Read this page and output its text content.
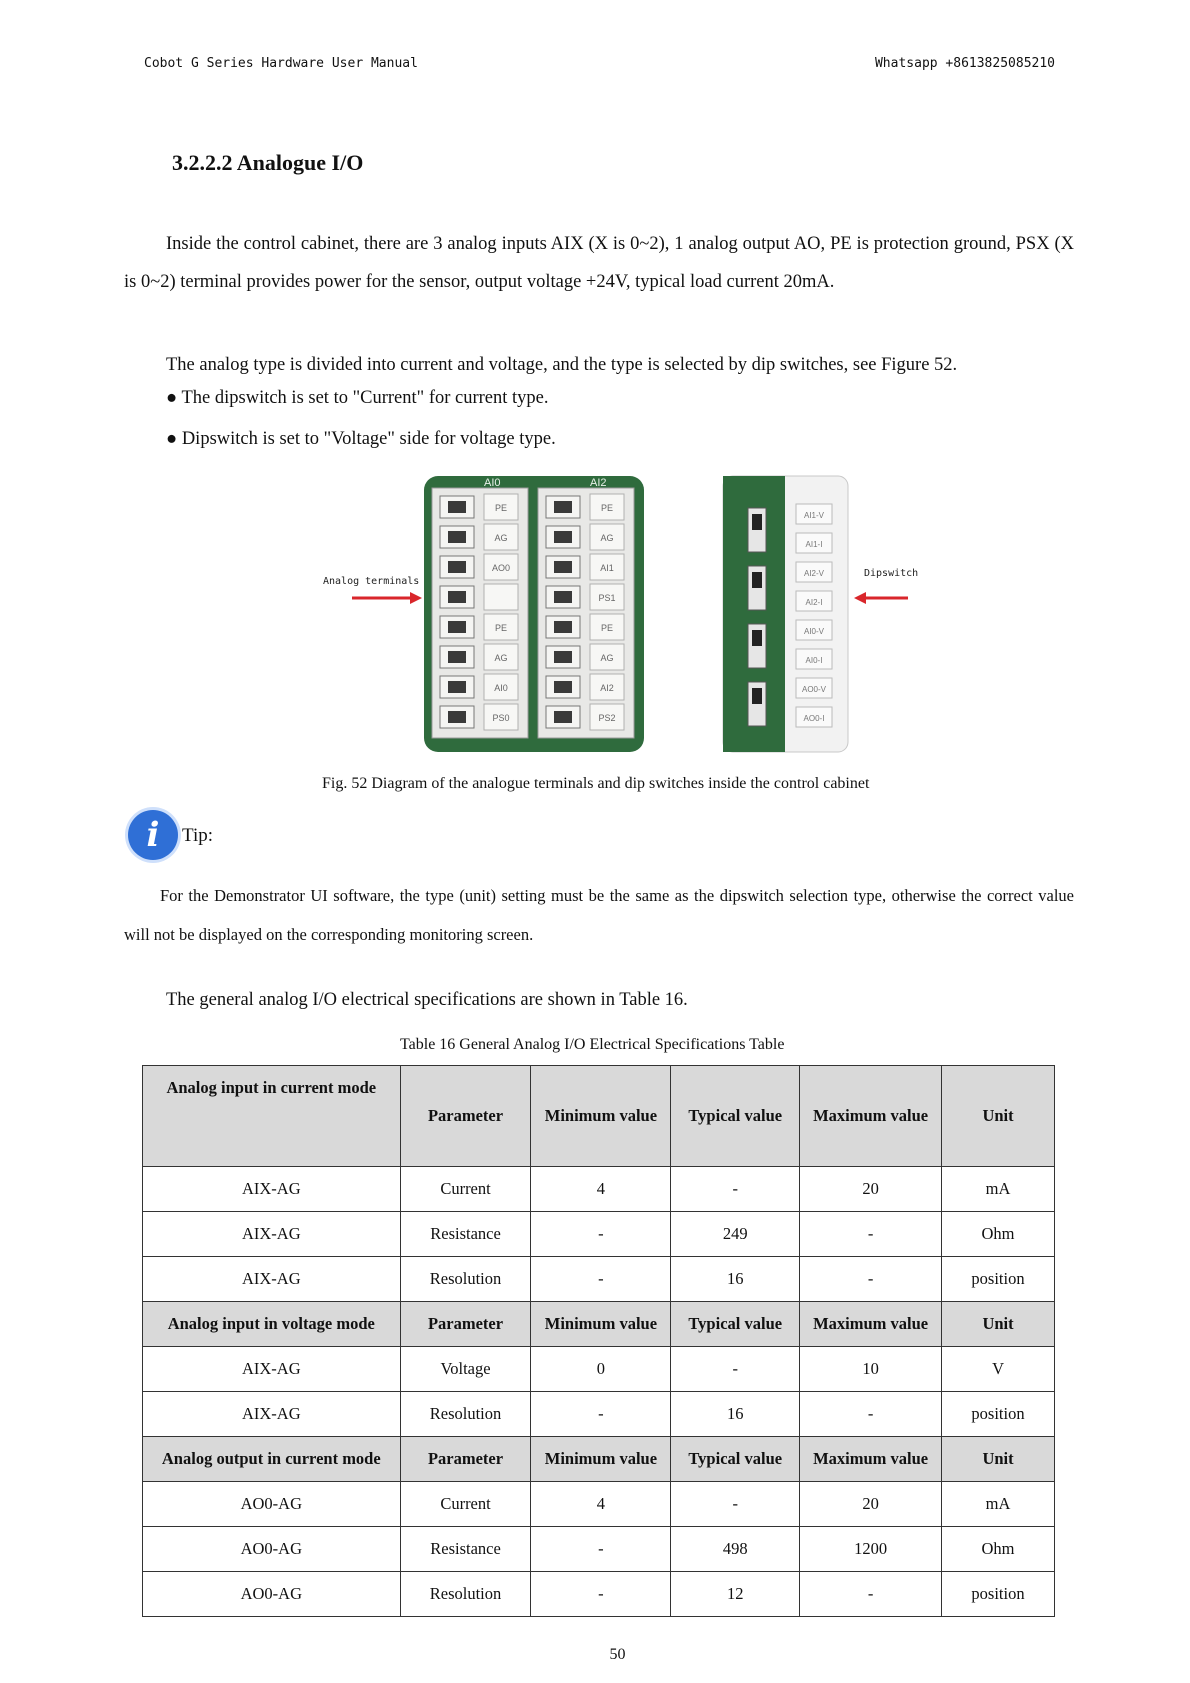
Cobot G Series Hardware User Manual	Whatsapp +8613825085210
3.2.2.2 Analogue I/O
Inside the control cabinet, there are 3 analog inputs AIX (X is 0~2), 1 analog output AO, PE is protection ground, PSX (X is 0~2) terminal provides power for the sensor, output voltage +24V, typical load current 20mA.
The analog type is divided into current and voltage, and the type is selected by dip switches, see Figure 52.
● The dipswitch is set to "Current" for current type.
● Dipswitch is set to "Voltage" side for voltage type.
AI0	AI2
PE
AG
AO0
PE
AG
AI0
PS0
PE
AG
AI1
PS1
PE
AG
AI2
PS2
Analog terminals
AI1-V
AI1-I
AI2-V
AI2-I
AI0-V
AI0-I
AO0-V
AO0-I
Dipswitch
Fig. 52 Diagram of the analogue terminals and dip switches inside the control cabinet
i	Tip:
For the Demonstrator UI software, the type (unit) setting must be the same as the dipswitch selection type, otherwise the correct value will not be displayed on the corresponding monitoring screen.
The general analog I/O electrical specifications are shown in Table 16.
Table 16 General Analog I/O Electrical Specifications Table
Analog input in current mode	Parameter	Minimum value	Typical value	Maximum value	Unit
AIX-AG	Current	4	-	20	mA
AIX-AG	Resistance	-	249	-	Ohm
AIX-AG	Resolution	-	16	-	position
Analog input in voltage mode	Parameter	Minimum value	Typical value	Maximum value	Unit
AIX-AG	Voltage	0	-	10	V
AIX-AG	Resolution	-	16	-	position
Analog output in current mode	Parameter	Minimum value	Typical value	Maximum value	Unit
AO0-AG	Current	4	-	20	mA
AO0-AG	Resistance	-	498	1200	Ohm
AO0-AG	Resolution	-	12	-	position
50
